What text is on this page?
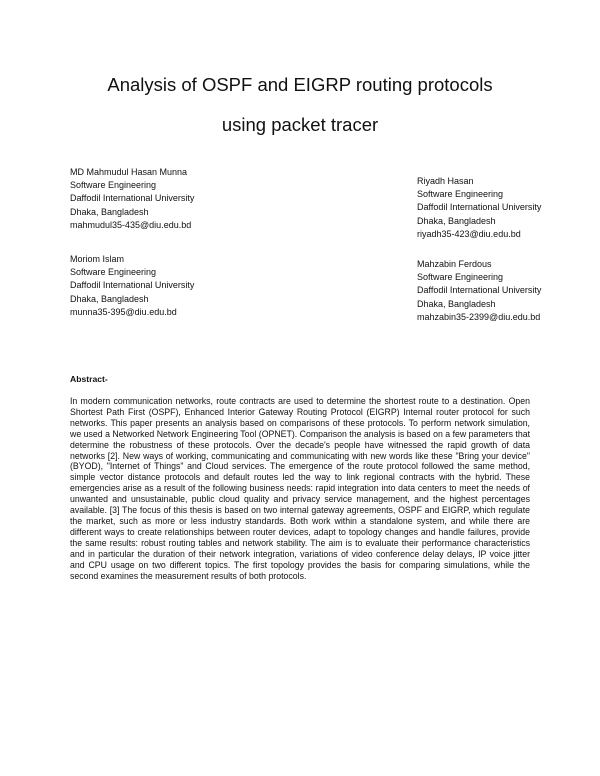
Analysis of OSPF and EIGRP routing protocols
using packet tracer
MD Mahmudul Hasan Munna
Software Engineering
Daffodil International University
Dhaka, Bangladesh
mahmudul35-435@diu.edu.bd
Riyadh Hasan
Software Engineering
Daffodil International University
Dhaka, Bangladesh
riyadh35-423@diu.edu.bd
Moriom Islam
Software Engineering
Daffodil International University
Dhaka, Bangladesh
munna35-395@diu.edu.bd
Mahzabin Ferdous
Software Engineering
Daffodil International University
Dhaka, Bangladesh
mahzabin35-2399@diu.edu.bd
Abstract-

In modern communication networks, route contracts are used to determine the shortest route to a destination. Open Shortest Path First (OSPF), Enhanced Interior Gateway Routing Protocol (EIGRP) Internal router protocol for such networks. This paper presents an analysis based on comparisons of these protocols. To perform network simulation, we used a Networked Network Engineering Tool (OPNET). Comparison the analysis is based on a few parameters that determine the robustness of these protocols. Over the decade's people have witnessed the rapid growth of data networks [2]. New ways of working, communicating and communicating with new words like these "Bring your device" (BYOD), "Internet of Things" and Cloud services. The emergence of the route protocol followed the same method, simple vector distance protocols and default routes led the way to link regional contracts with the hybrid. These emergencies arise as a result of the following business needs: rapid integration into data centers to meet the needs of unwanted and unsustainable, public cloud quality and privacy service management, and the highest percentages available. [3] The focus of this thesis is based on two internal gateway agreements, OSPF and EIGRP, which regulate the market, such as more or less industry standards. Both work within a standalone system, and while there are different ways to create relationships between router devices, adapt to topology changes and handle failures, provide the same results: robust routing tables and network stability. The aim is to evaluate their performance characteristics and in particular the duration of their network integration, variations of video conference delay delays, IP voice jitter and CPU usage on two different topics. The first topology provides the basis for comparing simulations, while the second examines the measurement results of both protocols.
